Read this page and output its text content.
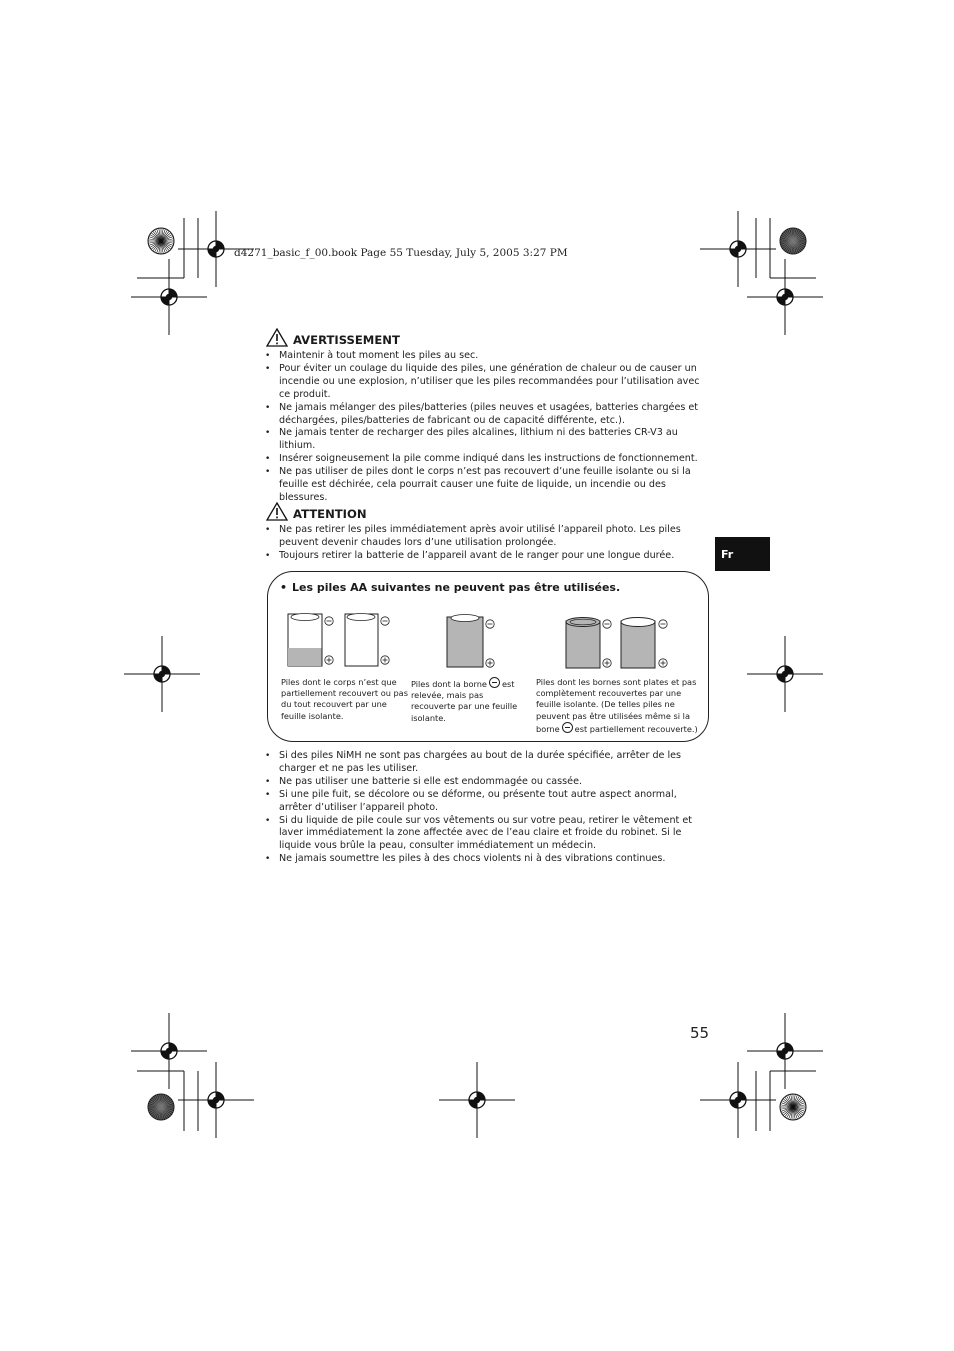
d4271_basic_f_00.book Page 55 Tuesday, July 5, 2005 3:27 PM
AVERTISSEMENT
• Maintenir à tout moment les piles au sec.
• Pour éviter un coulage du liquide des piles, une génération de chaleur ou de causer un incendie ou une explosion, n’utiliser que les piles recommandées pour l’utilisation avec ce produit.
• Ne jamais mélanger des piles/batteries (piles neuves et usagées, batteries chargées et déchargées, piles/batteries de fabricant ou de capacité différente, etc.).
• Ne jamais tenter de recharger des piles alcalines, lithium ni des batteries CR-V3 au lithium.
• Insérer soigneusement la pile comme indiqué dans les instructions de fonctionnement.
• Ne pas utiliser de piles dont le corps n’est pas recouvert d’une feuille isolante ou si la feuille est déchirée, cela pourrait causer une fuite de liquide, un incendie ou des blessures.
ATTENTION
• Ne pas retirer les piles immédiatement après avoir utilisé l’appareil photo. Les piles peuvent devenir chaudes lors d’une utilisation prolongée.
• Toujours retirer la batterie de l’appareil avant de le ranger pour une longue durée.	Fr
• Les piles AA suivantes ne peuvent pas être utilisées.
Piles dont le corps n’est que partiellement recouvert ou pas du tout recouvert par une feuille isolante.
Piles dont la borne est relevée, mais pas recouverte par une feuille isolante.
Piles dont les bornes sont plates et pas complètement recouvertes par une feuille isolante. (De telles piles ne peuvent pas être utilisées même si la borne est partiellement recouverte.)
• Si des piles NiMH ne sont pas chargées au bout de la durée spécifiée, arrêter de les charger et ne pas les utiliser.
• Ne pas utiliser une batterie si elle est endommagée ou cassée.
• Si une pile fuit, se décolore ou se déforme, ou présente tout autre aspect anormal, arrêter d’utiliser l’appareil photo.
• Si du liquide de pile coule sur vos vêtements ou sur votre peau, retirer le vêtement et laver immédiatement la zone affectée avec de l’eau claire et froide du robinet. Si le liquide vous brûle la peau, consulter immédiatement un médecin.
• Ne jamais soumettre les piles à des chocs violents ni à des vibrations continues.
55
